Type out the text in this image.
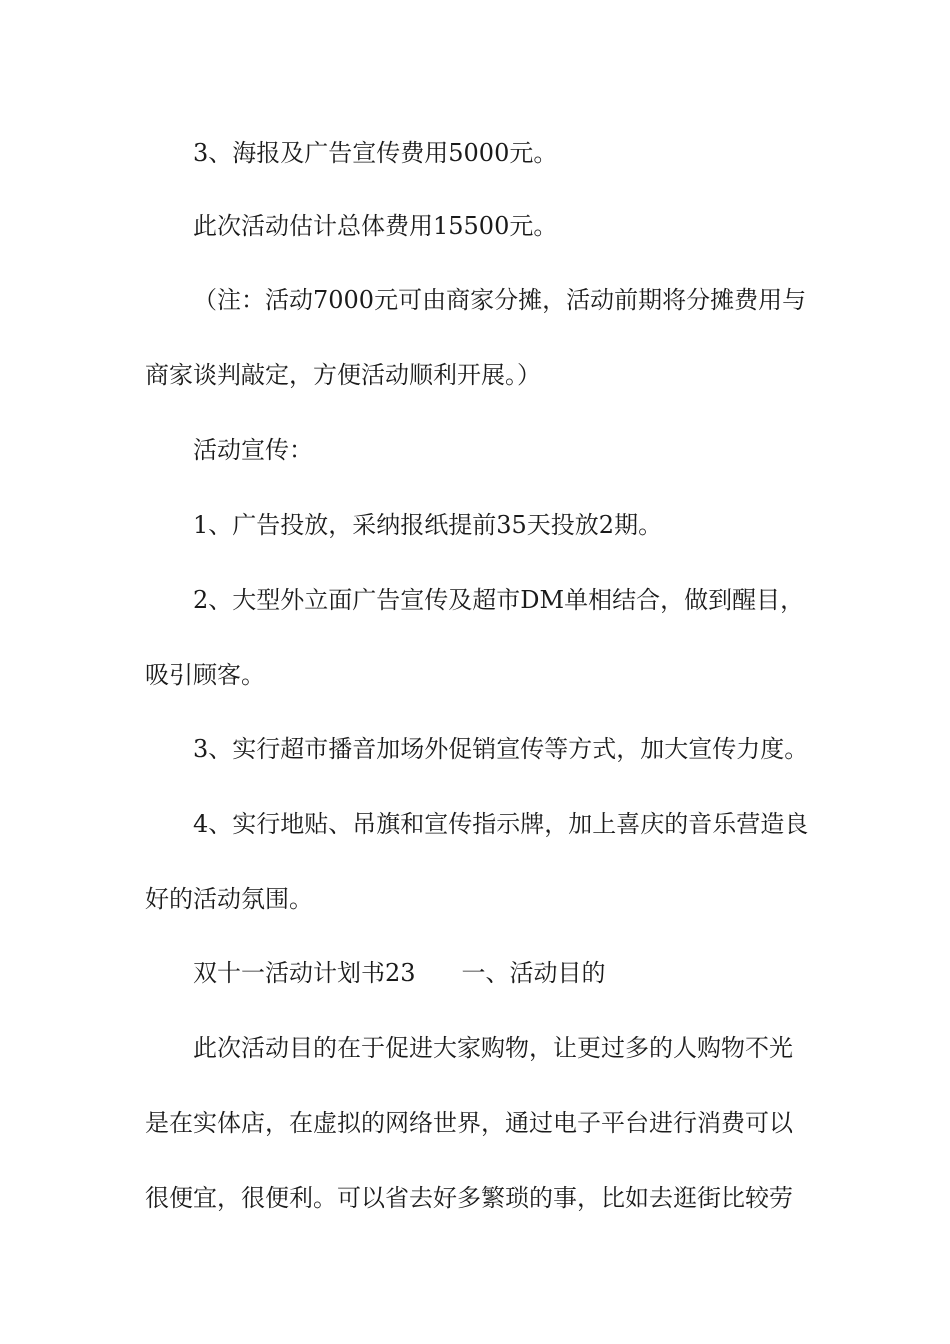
3、海报及广告宣传费用5000元。
此次活动估计总体费用15500元。
（注：活动7000元可由商家分摊，活动前期将分摊费用与
商家谈判敲定，方便活动顺利开展。）
活动宣传：
1、广告投放，采纳报纸提前35天投放2期。
2、大型外立面广告宣传及超市DM单相结合，做到醒目，
吸引顾客。
3、实行超市播音加场外促销宣传等方式，加大宣传力度。
4、实行地贴、吊旗和宣传指示牌，加上喜庆的音乐营造良
好的活动氛围。
双十一活动计划书23 一、活动目的
此次活动目的在于促进大家购物，让更过多的人购物不光
是在实体店，在虚拟的网络世界，通过电子平台进行消费可以
很便宜，很便利。可以省去好多繁琐的事，比如去逛街比较劳
